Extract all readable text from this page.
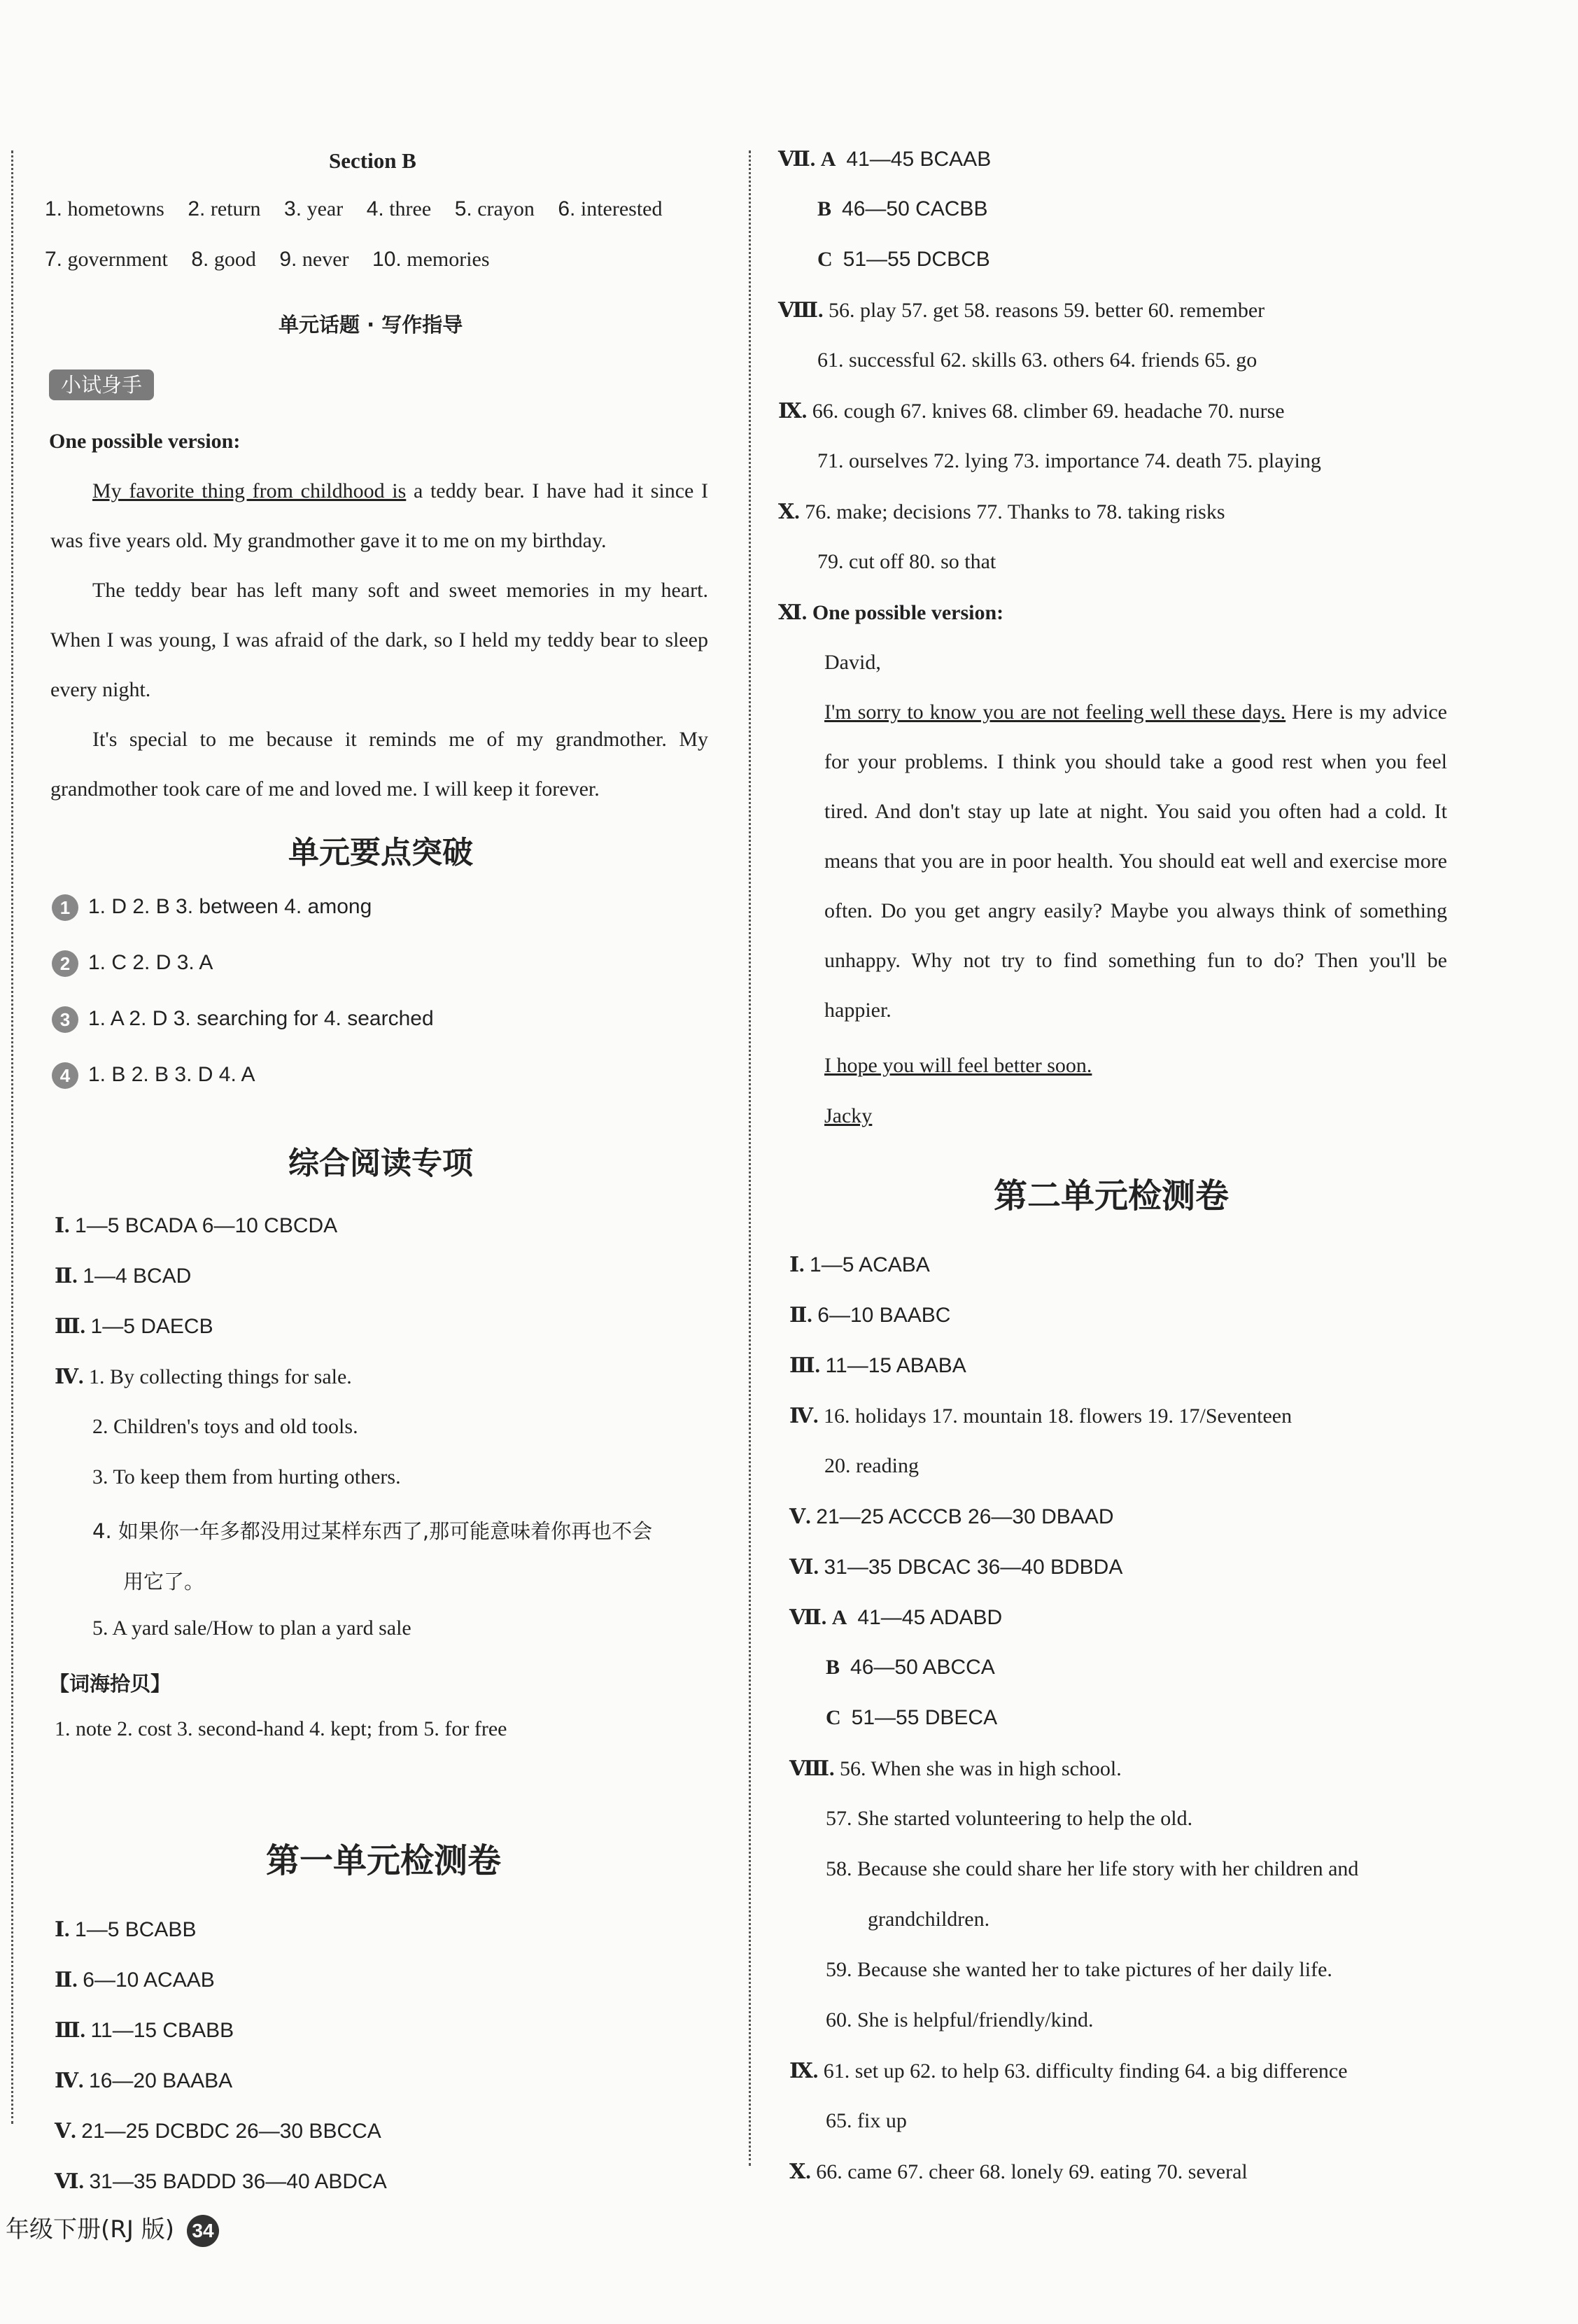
Section B
1. hometowns 2. return 3. year 4. three 5. crayon 6. interested
7. government 8. good 9. never 10. memories
单元话题 · 写作指导
小试身手
One possible version:
My favorite thing from childhood is a teddy bear. I have had it since I was five years old. My grandmother gave it to me on my birthday.
The teddy bear has left many soft and sweet memories in my heart. When I was young, I was afraid of the dark, so I held my teddy bear to sleep every night.
It's special to me because it reminds me of my grandmother. My grandmother took care of me and loved me. I will keep it forever.
单元要点突破
1 1. D 2. B 3. between 4. among
2 1. C 2. D 3. A
3 1. A 2. D 3. searching for 4. searched
4 1. B 2. B 3. D 4. A
综合阅读专项
Ⅰ. 1—5 BCADA 6—10 CBCDA
Ⅱ. 1—4 BCAD
Ⅲ. 1—5 DAECB
Ⅳ. 1. By collecting things for sale.
2. Children's toys and old tools.
3. To keep them from hurting others.
4. 如果你一年多都没用过某样东西了,那可能意味着你再也不会
用它了。
5. A yard sale/How to plan a yard sale
【词海拾贝】
1. note 2. cost 3. second-hand 4. kept; from 5. for free
第一单元检测卷
Ⅰ. 1—5 BCABB
Ⅱ. 6—10 ACAAB
Ⅲ. 11—15 CBABB
Ⅳ. 16—20 BAABA
Ⅴ. 21—25 DCBDC 26—30 BBCCA
Ⅵ. 31—35 BADDD 36—40 ABDCA
Ⅶ. A 41—45 BCAAB
B 46—50 CACBB
C 51—55 DCBCB
Ⅷ. 56. play 57. get 58. reasons 59. better 60. remember
61. successful 62. skills 63. others 64. friends 65. go
Ⅸ. 66. cough 67. knives 68. climber 69. headache 70. nurse
71. ourselves 72. lying 73. importance 74. death 75. playing
Ⅹ. 76. make; decisions 77. Thanks to 78. taking risks
79. cut off 80. so that
Ⅺ. One possible version:
David,
I'm sorry to know you are not feeling well these days. Here is my advice for your problems. I think you should take a good rest when you feel tired. And don't stay up late at night. You said you often had a cold. It means that you are in poor health. You should eat well and exercise more often. Do you get angry easily? Maybe you always think of something unhappy. Why not try to find something fun to do? Then you'll be happier.
I hope you will feel better soon.
Jacky
第二单元检测卷
Ⅰ. 1—5 ACABA
Ⅱ. 6—10 BAABC
Ⅲ. 11—15 ABABA
Ⅳ. 16. holidays 17. mountain 18. flowers 19. 17/Seventeen
20. reading
Ⅴ. 21—25 ACCCB 26—30 DBAAD
Ⅵ. 31—35 DBCAC 36—40 BDBDA
Ⅶ. A 41—45 ADABD
B 46—50 ABCCA
C 51—55 DBECA
Ⅷ. 56. When she was in high school.
57. She started volunteering to help the old.
58. Because she could share her life story with her children and
grandchildren.
59. Because she wanted her to take pictures of her daily life.
60. She is helpful/friendly/kind.
Ⅸ. 61. set up 62. to help 63. difficulty finding 64. a big difference
65. fix up
Ⅹ. 66. came 67. cheer 68. lonely 69. eating 70. several
年级下册(RJ 版) 34
